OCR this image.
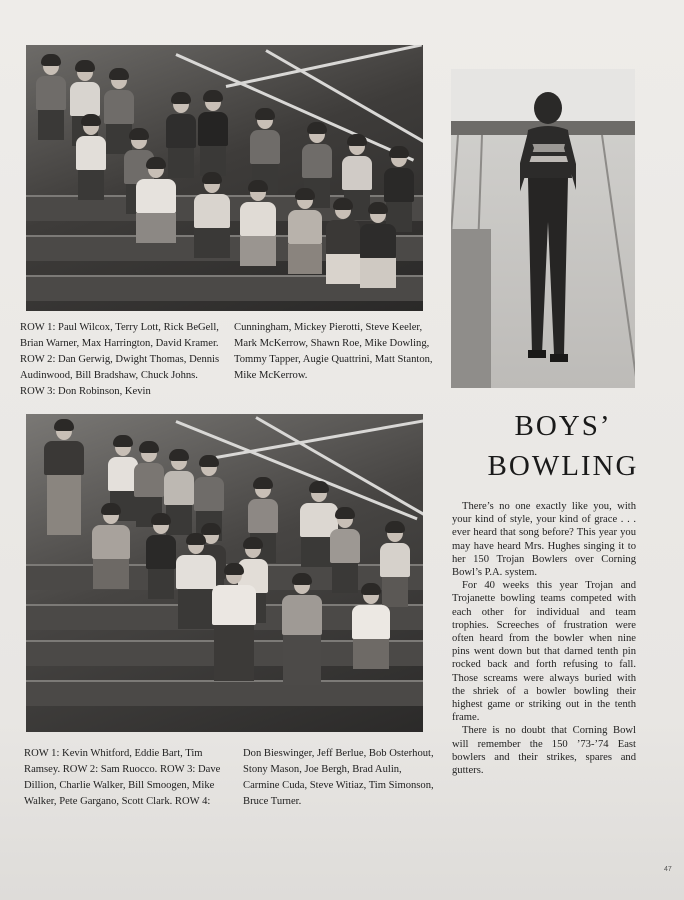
ROW 1: Paul Wilcox, Terry Lott, Rick BeGell, Brian Warner, Max Harrington, David Kramer. ROW 2: Dan Gerwig, Dwight Thomas, Dennis Audinwood, Bill Bradshaw, Chuck Johns. ROW 3: Don Robinson, Kevin
Cunningham, Mickey Pierotti, Steve Keeler, Mark McKerrow, Shawn Roe, Mike Dowling, Tommy Tapper, Augie Quattrini, Matt Stanton, Mike McKerrow.
ROW 1: Kevin Whitford, Eddie Bart, Tim Ramsey. ROW 2: Sam Ruocco. ROW 3: Dave Dillion, Charlie Walker, Bill Smoogen, Mike Walker, Pete Gargano, Scott Clark. ROW 4:
Don Bieswinger, Jeff Berlue, Bob Osterhout, Stony Mason, Joe Bergh, Brad Aulin, Carmine Cuda, Steve Witiaz, Tim Simonson, Bruce Turner.
BOYS’
BOWLING

There’s no one exactly like you, with your kind of style, your kind of grace . . . ever heard that song before? This year you may have heard Mrs. Hughes singing it to her 150 Trojan Bowlers over Corning Bowl’s P.A. system.

For 40 weeks this year Trojan and Trojanette bowling teams competed with each other for individual and team trophies. Screeches of frustration were often heard from the bowler when nine pins went down but that darned tenth pin rocked back and forth refusing to fall. Those screams were always buried with the shriek of a bowler bowling their highest game or striking out in the tenth frame.

There is no doubt that Corning Bowl will remember the 150 ’73-’74 East bowlers and their strikes, spares and gutters.

47
